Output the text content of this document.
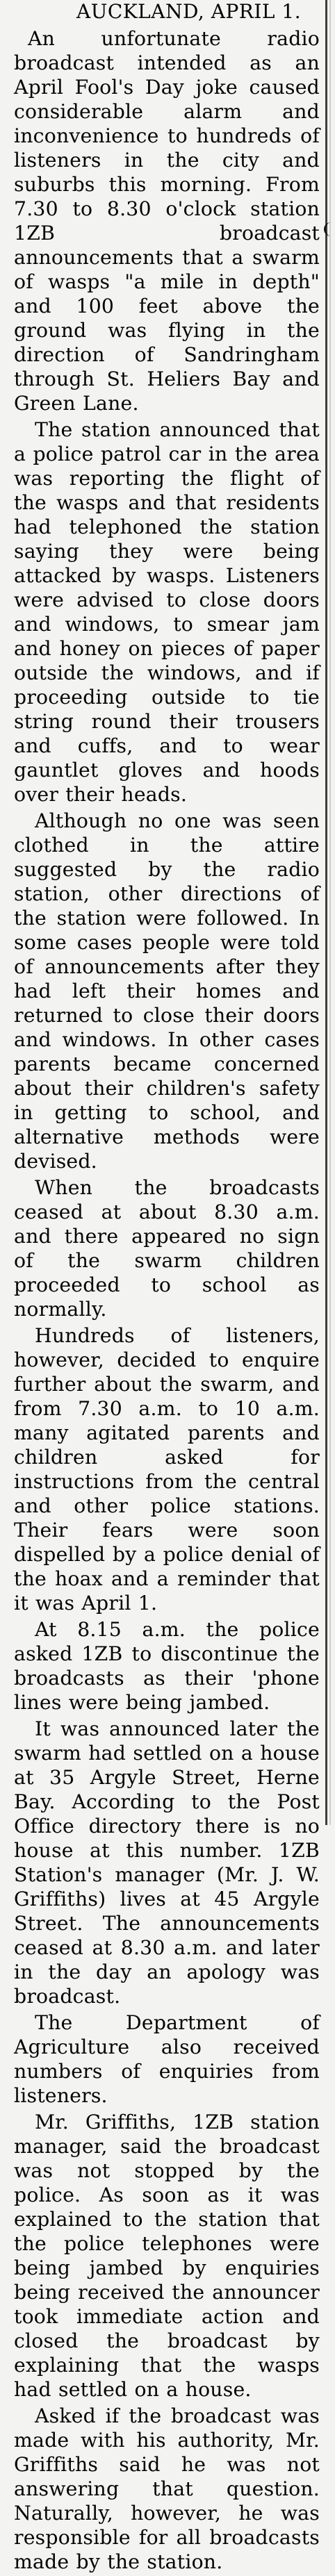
AUCKLAND, APRIL 1.

An unfortunate radio broadcast intended as an April Fool's Day joke caused considerable alarm and inconvenience to hundreds of listeners in the city and suburbs this morning. From 7.30 to 8.30 o'clock station 1ZB broadcast announcements that a swarm of wasps "a mile in depth" and 100 feet above the ground was flying in the direction of Sandringham through St. Heliers Bay and Green Lane.

The station announced that a police patrol car in the area was reporting the flight of the wasps and that residents had telephoned the station saying they were being attacked by wasps. Listeners were advised to close doors and windows, to smear jam and honey on pieces of paper outside the windows, and if proceeding outside to tie string round their trousers and cuffs, and to wear gauntlet gloves and hoods over their heads.

Although no one was seen clothed in the attire suggested by the radio station, other directions of the station were followed. In some cases people were told of announcements after they had left their homes and returned to close their doors and windows. In other cases parents became concerned about their children's safety in getting to school, and alternative methods were devised.

When the broadcasts ceased at about 8.30 a.m. and there appeared no sign of the swarm children proceeded to school as normally.

Hundreds of listeners, however, decided to enquire further about the swarm, and from 7.30 a.m. to 10 a.m. many agitated parents and children asked for instructions from the central and other police stations. Their fears were soon dispelled by a police denial of the hoax and a reminder that it was April 1.

At 8.15 a.m. the police asked 1ZB to discontinue the broadcasts as their 'phone lines were being jambed.

It was announced later the swarm had settled on a house at 35 Argyle Street, Herne Bay. According to the Post Office directory there is no house at this number. 1ZB Station's manager (Mr. J. W. Griffiths) lives at 45 Argyle Street. The announcements ceased at 8.30 a.m. and later in the day an apology was broadcast.

The Department of Agriculture also received numbers of enquiries from listeners.

Mr. Griffiths, 1ZB station manager, said the broadcast was not stopped by the police. As soon as it was explained to the station that the police telephones were being jambed by enquiries being received the announcer took immediate action and closed the broadcast by explaining that the wasps had settled on a house.

Asked if the broadcast was made with his authority, Mr. Griffiths said he was not answering that question. Naturally, however, he was responsible for all broadcasts made by the station.
